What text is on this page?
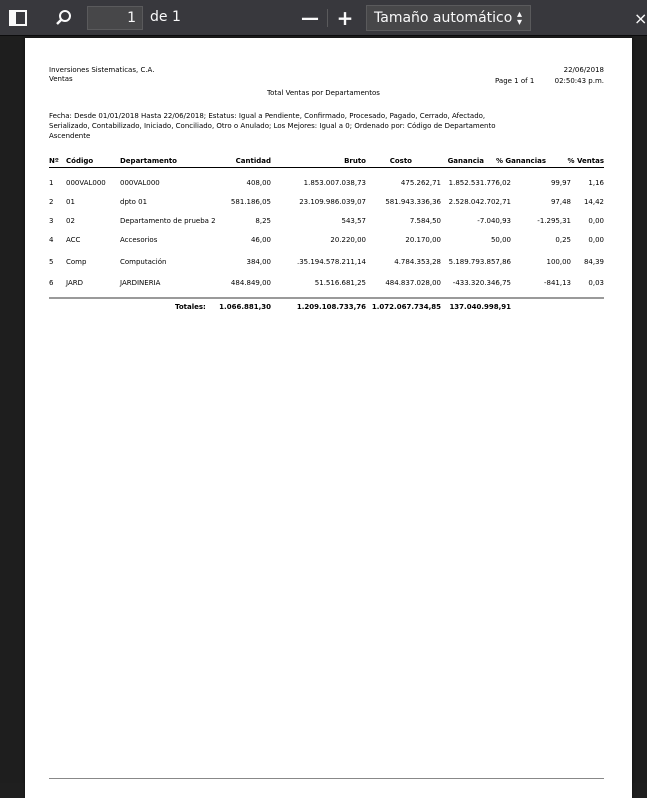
1	de 1	— +	Tamaño automático ▴
▾	×
Inversiones Sistematicas, C.A.
Ventas
22/06/2018
Page 1 of 1	02:50:43 p.m.
Total Ventas por Departamentos
Fecha: Desde 01/01/2018 Hasta 22/06/2018; Estatus: Igual a Pendiente, Confirmado, Procesado, Pagado, Cerrado, Afectado,
Serializado, Contabilizado, Iniciado, Conciliado, Otro o Anulado; Los Mejores: Igual a 0; Ordenado por: Código de Departamento
Ascendente
Nº Código	Departamento	Cantidad	Bruto	Costo	Ganancia % Ganancias	% Ventas
1 000VAL000 000VAL000	408,00	1.853.007.038,73	475.262,71 1.852.531.776,02	99,97 1,16
2 01	dpto 01	581.186,05	23.109.986.039,07	581.943.336,36 2.528.042.702,71	97,48 14,42
3 02	Departamento de prueba 2	8,25	543,57	7.584,50	-7.040,93	-1.295,31 0,00
4 ACC	Accesorios	46,00	20.220,00	20.170,00	50,00	0,25 0,00
5 Comp	Computación	384,00	.35.194.578.211,14	4.784.353,28 5.189.793.857,86	100,00 84,39
6 JARD	JARDINERIA	484.849,00	51.516.681,25	484.837.028,00 -433.320.346,75	-841,13 0,03
Totales: 1.066.881,30	1.209.108.733,76 1.072.067.734,85 137.040.998,91
